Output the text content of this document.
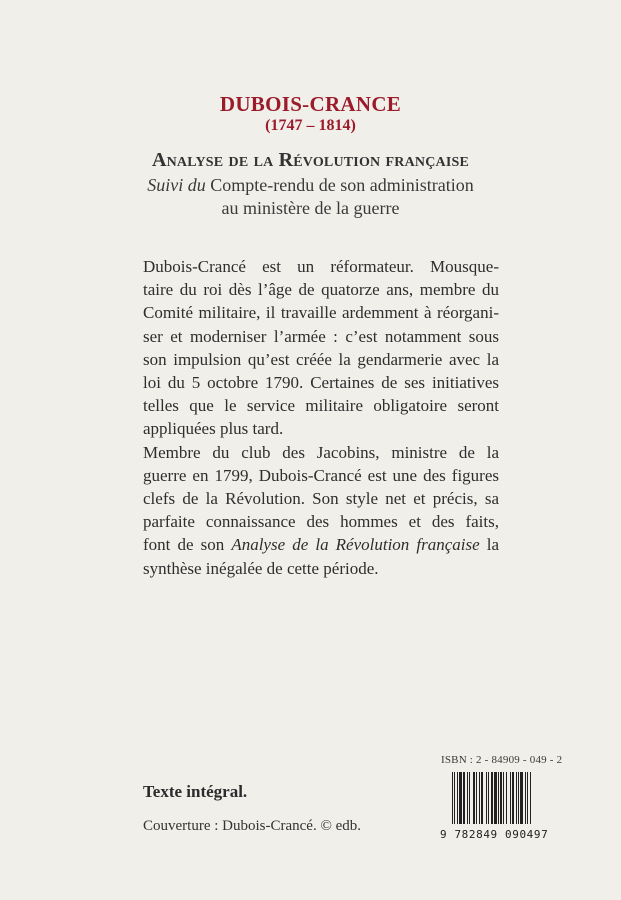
DUBOIS-CRANCE
(1747 – 1814)
Analyse de la Révolution française
Suivi du Compte-rendu de son administration
au ministère de la guerre

Dubois-Crancé est un réformateur. Mousque-
taire du roi dès l’âge de quatorze ans, membre du
Comité militaire, il travaille ardemment à réorgani-
ser et moderniser l’armée : c’est notamment sous
son impulsion qu’est créée la gendarmerie avec la
loi du 5 octobre 1790. Certaines de ses initiatives
telles que le service militaire obligatoire seront
appliquées plus tard.

Membre du club des Jacobins, ministre de la
guerre en 1799, Dubois-Crancé est une des figures
clefs de la Révolution. Son style net et précis, sa
parfaite connaissance des hommes et des faits,
font de son Analyse de la Révolution française la
synthèse inégalée de cette période.

ISBN : 2 - 84909 - 049 - 2
9 782849 090497
Texte intégral.
Couverture : Dubois-Crancé. © edb.
